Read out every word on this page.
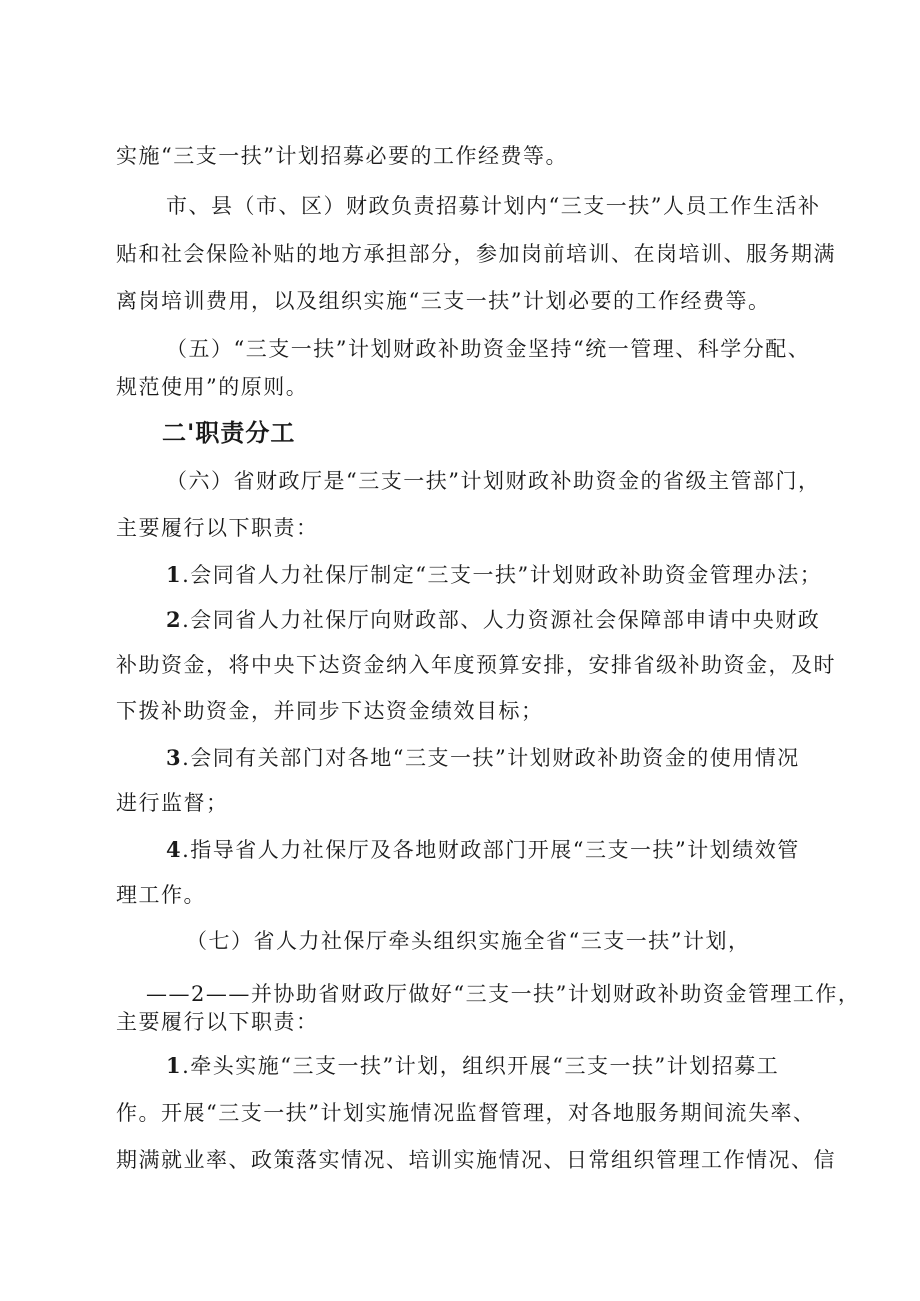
实施“三支一扶”计划招募必要的工作经费等。
市、县（市、区）财政负责招募计划内“三支一扶”人员工作生活补
贴和社会保险补贴的地方承担部分，参加岗前培训、在岗培训、服务期满
离岗培训费用，以及组织实施“三支一扶”计划必要的工作经费等。
（五）“三支一扶”计划财政补助资金坚持“统一管理、科学分配、
规范使用”的原则。
二'职责分工
（六）省财政厅是“三支一扶”计划财政补助资金的省级主管部门，
主要履行以下职责：
1.会同省人力社保厅制定“三支一扶”计划财政补助资金管理办法；
2.会同省人力社保厅向财政部、人力资源社会保障部申请中央财政
补助资金，将中央下达资金纳入年度预算安排，安排省级补助资金，及时
下拨补助资金，并同步下达资金绩效目标；
3.会同有关部门对各地“三支一扶”计划财政补助资金的使用情况
进行监督；
4.指导省人力社保厅及各地财政部门开展“三支一扶”计划绩效管
理工作。
（七）省人力社保厅牵头组织实施全省“三支一扶”计划，
——2——并协助省财政厅做好“三支一扶”计划财政补助资金管理工作，
主要履行以下职责：
1.牵头实施“三支一扶”计划，组织开展“三支一扶”计划招募工
作。开展“三支一扶”计划实施情况监督管理，对各地服务期间流失率、
期满就业率、政策落实情况、培训实施情况、日常组织管理工作情况、信
